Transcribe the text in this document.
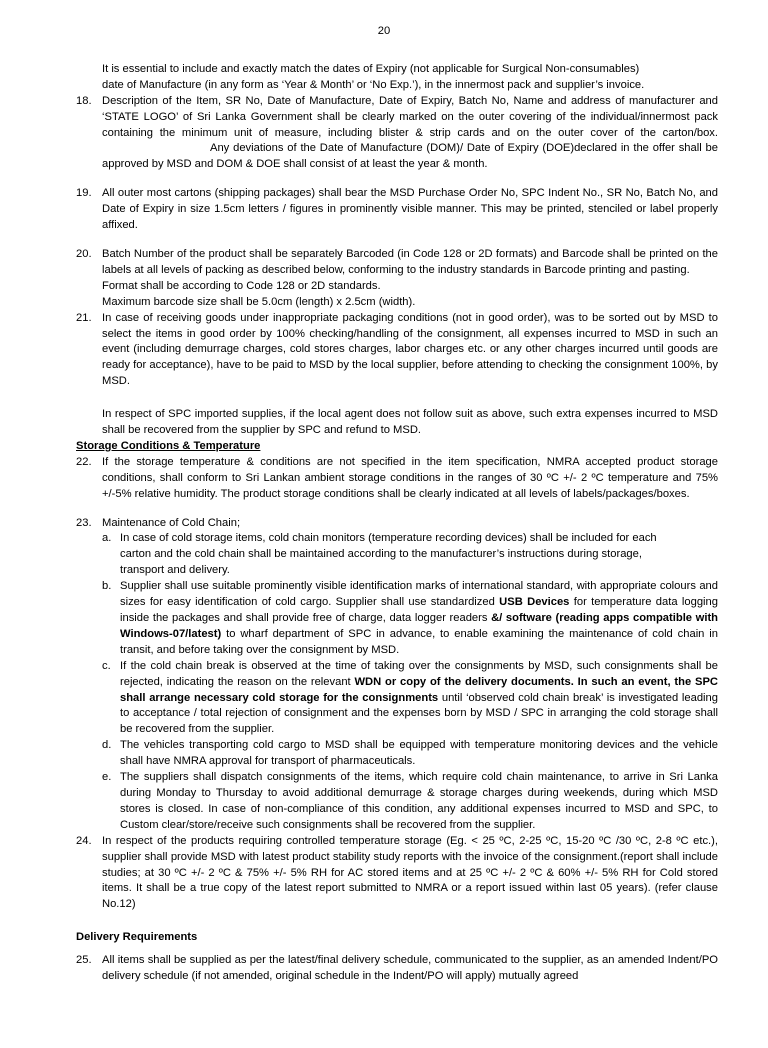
20

It is essential to include and exactly match the dates of Expiry (not applicable for Surgical Non-consumables)

date of Manufacture (in any form as ‘Year & Month’ or ‘No Exp.’), in the innermost pack and supplier’s invoice.

18. Description of the Item, SR No, Date of Manufacture, Date of Expiry, Batch No, Name and address of manufacturer and ‘STATE LOGO’ of Sri Lanka Government shall be clearly marked on the outer covering of the individual/innermost pack containing the minimum unit of measure, including blister & strip cards and on the outer cover of the carton/box.Any deviations of the Date of Manufacture (DOM)/ Date of Expiry (DOE)declared in the offer shall be approved by MSD and DOM & DOE shall consist of at least the year & month.
19. All outer most cartons (shipping packages) shall bear the MSD Purchase Order No, SPC Indent No., SR No, Batch No, and Date of Expiry in size 1.5cm letters / figures in prominently visible manner. This may be printed, stenciled or label properly affixed.
20. Batch Number of the product shall be separately Barcoded (in Code 128 or 2D formats) and Barcode shall be printed on the labels at all levels of packing as described below, conforming to the industry standards in Barcode printing and pasting.
Format shall be according to Code 128 or 2D standards.
Maximum barcode size shall be 5.0cm (length) x 2.5cm (width).
21. In case of receiving goods under inappropriate packaging conditions (not in good order), was to be sorted out by MSD to select the items in good order by 100% checking/handling of the consignment, all expenses incurred to MSD in such an event (including demurrage charges, cold stores charges, labor charges etc. or any other charges incurred until goods are ready for acceptance), have to be paid to MSD by the local supplier, before attending to checking the consignment 100%, by MSD.

In respect of SPC imported supplies, if the local agent does not follow suit as above, such extra expenses incurred to MSD shall be recovered from the supplier by SPC and refund to MSD.

Storage Conditions & Temperature

22. If the storage temperature & conditions are not specified in the item specification, NMRA accepted product storage conditions, shall conform to Sri Lankan ambient storage conditions in the ranges of 30 ºC +/- 2 ºC temperature and 75% +/-5% relative humidity. The product storage conditions shall be clearly indicated at all levels of labels/packages/boxes.
23. Maintenance of Cold Chain;
a. In case of cold storage items, cold chain monitors (temperature recording devices) shall be included for each
carton and the cold chain shall be maintained according to the manufacturer’s instructions during storage,
transport and delivery.
b. Supplier shall use suitable prominently visible identification marks of international standard, with appropriate colours and sizes for easy identification of cold cargo. Supplier shall use standardized USB Devices for temperature data logging inside the packages and shall provide free of charge, data logger readers &/ software (reading apps compatible with Windows-07/latest) to wharf department of SPC in advance, to enable examining the maintenance of cold chain in transit, and before taking over the consignment by MSD.
c. If the cold chain break is observed at the time of taking over the consignments by MSD, such consignments shall be rejected, indicating the reason on the relevant WDN or copy of the delivery documents. In such an event, the SPC shall arrange necessary cold storage for the consignments until ‘observed cold chain break’ is investigated leading to acceptance / total rejection of consignment and the expenses born by MSD / SPC in arranging the cold storage shall be recovered from the supplier.
d. The vehicles transporting cold cargo to MSD shall be equipped with temperature monitoring devices and the vehicle shall have NMRA approval for transport of pharmaceuticals.
e. The suppliers shall dispatch consignments of the items, which require cold chain maintenance, to arrive in Sri Lanka during Monday to Thursday to avoid additional demurrage & storage charges during weekends, during which MSD stores is closed. In case of non-compliance of this condition, any additional expenses incurred to MSD and SPC, to Custom clear/store/receive such consignments shall be recovered from the supplier.
24. In respect of the products requiring controlled temperature storage (Eg. < 25 ºC, 2-25 ºC, 15-20 ºC /30 ºC, 2-8 ºC etc.), supplier shall provide MSD with latest product stability study reports with the invoice of the consignment.(report shall include studies; at 30 ºC +/- 2 ºC & 75% +/- 5% RH for AC stored items and at 25 ºC +/- 2 ºC & 60% +/- 5% RH for Cold stored items. It shall be a true copy of the latest report submitted to NMRA or a report issued within last 05 years). (refer clause No.12)

Delivery Requirements

25. All items shall be supplied as per the latest/final delivery schedule, communicated to the supplier, as an amended Indent/PO delivery schedule (if not amended, original schedule in the Indent/PO will apply) mutually agreed
